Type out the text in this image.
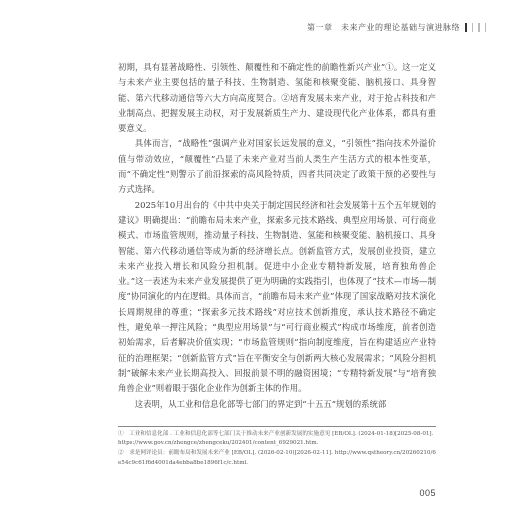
第一章　未来产业的理论基础与演进脉络

初期，具有显著战略性、引领性、颠覆性和不确定性的前瞻性新兴产业”①。这一定义与未来产业主要包括的量子科技、生物制造、氢能和核聚变能、脑机接口、具身智能、第六代移动通信等六大方向高度契合。②培育发展未来产业，对于抢占科技和产业制高点、把握发展主动权，对于发展新质生产力、建设现代化产业体系，都具有重要意义。

具体而言，“战略性”强调产业对国家长远发展的意义，“引领性”指向技术外溢价值与带动效应，“颠覆性”凸显了未来产业对当前人类生产生活方式的根本性变革，而“不确定性”则警示了前沿探索的高风险特质，四者共同决定了政策干预的必要性与方式选择。

2025年10月出台的《中共中央关于制定国民经济和社会发展第十五个五年规划的建议》明确提出：“前瞻布局未来产业，探索多元技术路线、典型应用场景、可行商业模式、市场监管规则，推动量子科技、生物制造、氢能和核聚变能、脑机接口、具身智能、第六代移动通信等成为新的经济增长点。创新监管方式，发展创业投资，建立未来产业投入增长和风险分担机制。促进中小企业专精特新发展，培育独角兽企业。”这一表述为未来产业发展提供了更为明确的实践指引，也体现了“技术—市场—制度”协同演化的内在逻辑。具体而言，“前瞻布局未来产业”体现了国家战略对技术演化长周期规律的尊重；“探索多元技术路线”对应技术创新推度，承认技术路径不确定性，避免单一押注风险；“典型应用场景”与“可行商业模式”构成市场维度，前者创造初始需求，后者解决价值实现；“市场监管规则”指向制度维度，旨在构建适应产业特征的治理框架；“创新监管方式”旨在平衡安全与创新两大核心发展需求；“风险分担机制”破解未来产业长期高投入、回报前景不明的融资困境；“专精特新发展”与“培育独角兽企业”则着眼于强化企业作为创新主体的作用。

这表明，从工业和信息化部等七部门的界定到“十五五”规划的系统部

①　工业和信息化部 . 工业和信息化部等七部门关于推动未来产业创新发展的实施意见 [EB/OL]. (2024-01-18)[2025-08-01]. https://www.gov.cn/zhengce/zhengceku/202401/content_6929021.htm.

②　求是网评论员：前瞻布局和发展未来产业 [EB/OL]. (2026-02-10)[2026-02-11]. http://www.qstheory.cn/20260210/6e54c9c61f6d4001da4ebba8be1896f1c/c.html.

005
